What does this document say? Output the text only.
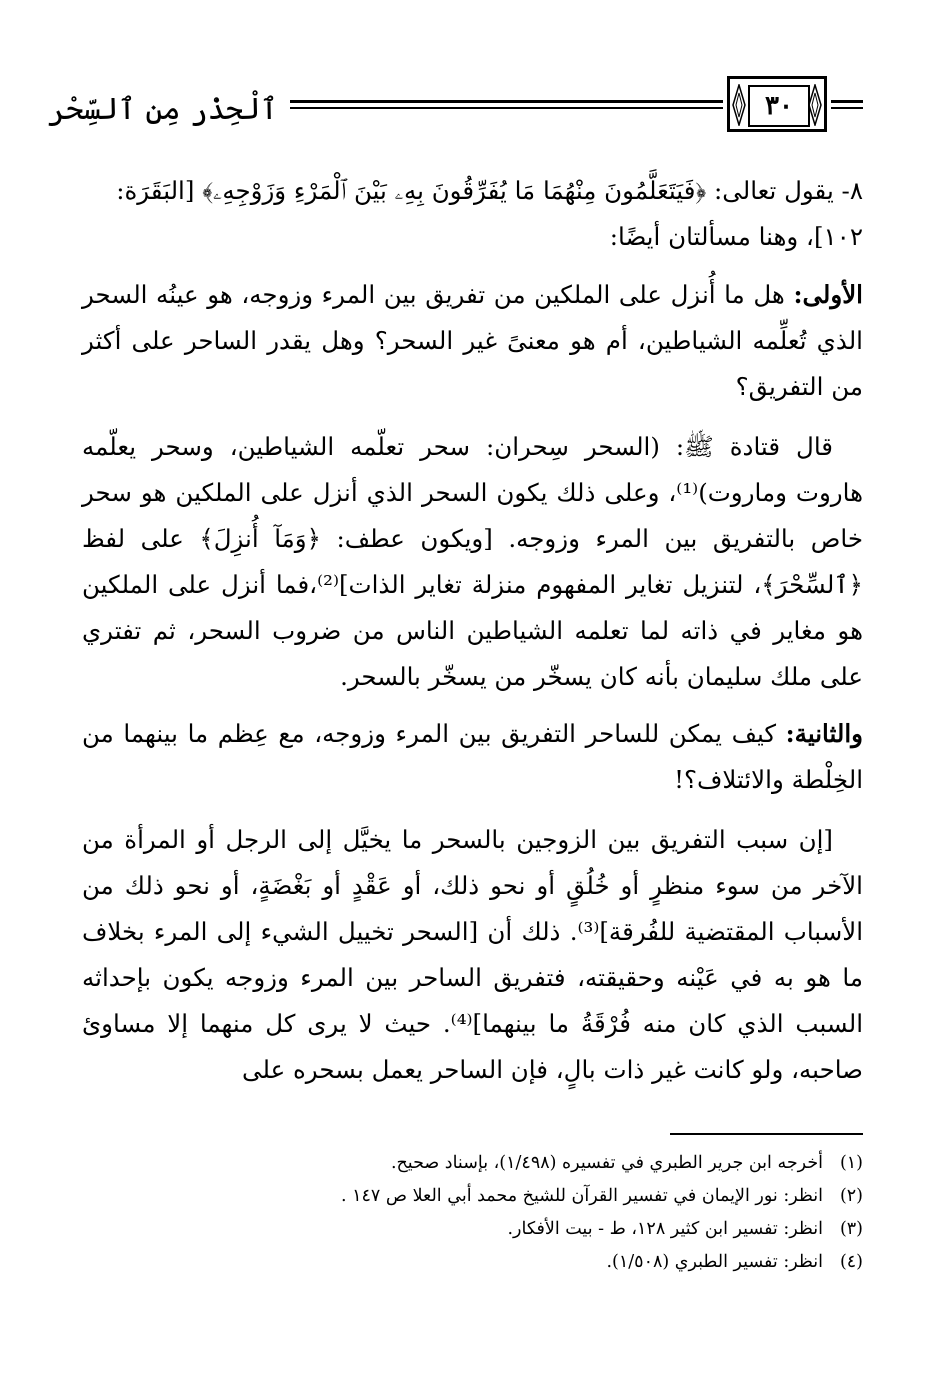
ٱلْحِذْر مِن ٱلسِّحْر	٣٠
٨- يقول تعالى: ﴿فَيَتَعَلَّمُونَ مِنْهُمَا مَا يُفَرِّقُونَ بِهِۦ بَيْنَ ٱلْمَرْءِ وَزَوْجِهِۦ﴾ [البَقَرَة:
١٠٢]، وهنا مسألتان أيضًا:

الأولى: هل ما أُنزل على الملكين من تفريق بين المرء وزوجه، هو عينُه السحر الذي تُعلِّمه الشياطين، أم هو معنىً غير السحر؟ وهل يقدر الساحر على أكثر من التفريق؟

قال قتادة ﷺ: (السحر سِحران: سحر تعلّمه الشياطين، وسحر يعلّمه هاروت وماروت)⁽¹⁾، وعلى ذلك يكون السحر الذي أنزل على الملكين هو سحر خاص بالتفريق بين المرء وزوجه. [ويكون عطف: ﴿وَمَآ أُنزِلَ﴾ على لفظ ﴿ٱلسِّحْرَ﴾، لتنزيل تغاير المفهوم منزلة تغاير الذات]⁽²⁾،فما أنزل على الملكين هو مغاير في ذاته لما تعلمه الشياطين الناس من ضروب السحر، ثم تفتري على ملك سليمان بأنه كان يسخّر من يسخّر بالسحر.

والثانية: كيف يمكن للساحر التفريق بين المرء وزوجه، مع عِظم ما بينهما من الخِلْطة والائتلاف؟!

[إن سبب التفريق بين الزوجين بالسحر ما يخيَّل إلى الرجل أو المرأة من الآخر من سوء منظرٍ أو خُلُقٍ أو نحو ذلك، أو عَقْدٍ أو بَغْضَةٍ، أو نحو ذلك من الأسباب المقتضية للفُرقة]⁽³⁾. ذلك أن [السحر تخييل الشيء إلى المرء بخلاف ما هو به في عَيْنه وحقيقته، فتفريق الساحر بين المرء وزوجه يكون بإحداثه السبب الذي كان منه فُرْقَةُ ما بينهما]⁽⁴⁾. حيث لا يرى كل منهما إلا مساوئ صاحبه، ولو كانت غير ذات بالٍ، فإن الساحر يعمل بسحره على

(١)أخرجه ابن جرير الطبري في تفسيره (١/٤٩٨)، بإسناد صحيح.
(٢)انظر: نور الإيمان في تفسير القرآن للشيخ محمد أبي العلا ص ١٤٧ .
(٣)انظر: تفسير ابن كثير ١٢٨، ط - بيت الأفكار.
(٤)انظر: تفسير الطبري (١/٥٠٨).
